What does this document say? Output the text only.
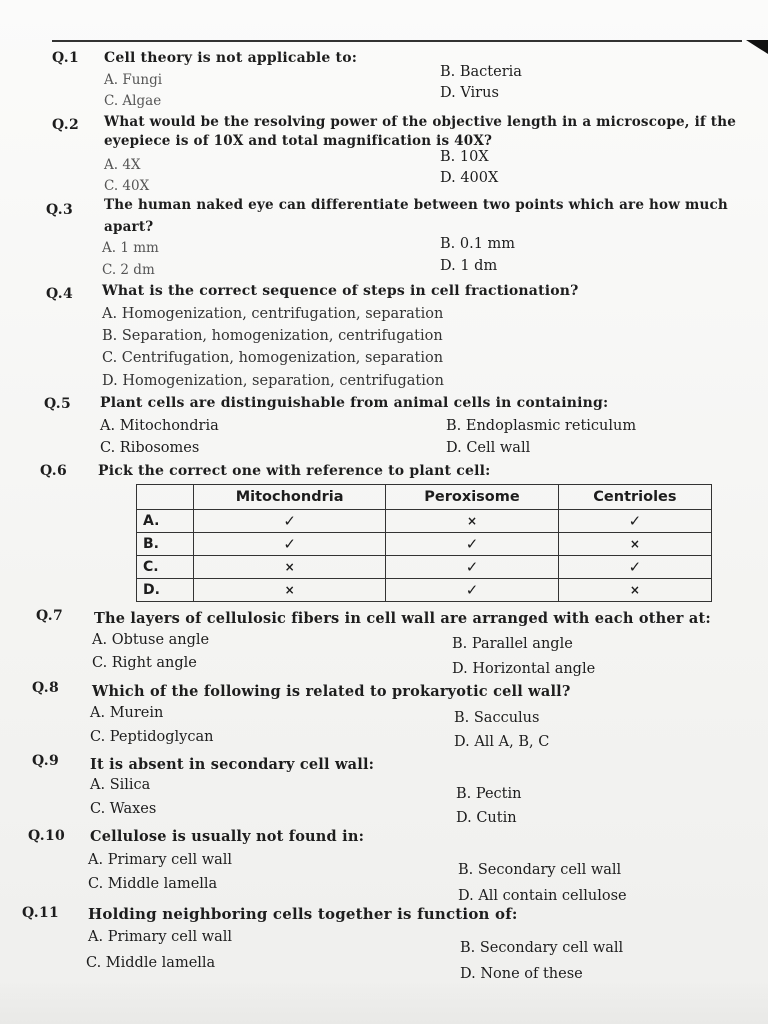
Q.1 Cell theory is not applicable to:
A. Fungi	B. Bacteria
C. Algae	D. Virus
Q.2 What would be the resolving power of the objective length in a microscope, if the
eyepiece is of 10X and total magnification is 40X?
A. 4X	B. 10X
C. 40X	D. 400X
Q.3 The human naked eye can differentiate between two points which are how much
apart?
A. 1 mm	B. 0.1 mm
C. 2 dm	D. 1 dm
Q.4 What is the correct sequence of steps in cell fractionation?
A. Homogenization, centrifugation, separation
B. Separation, homogenization, centrifugation
C. Centrifugation, homogenization, separation
D. Homogenization, separation, centrifugation
Q.5 Plant cells are distinguishable from animal cells in containing:
A. Mitochondria	B. Endoplasmic reticulum
C. Ribosomes	D. Cell wall
Q.6 Pick the correct one with reference to plant cell:
	Mitochondria	Peroxisome	Centrioles
A.	✓	×	✓
B.	✓	✓	×
C.	×	✓	✓
D.	×	✓	×
Q.7 The layers of cellulosic fibers in cell wall are arranged with each other at:
A. Obtuse angle	B. Parallel angle
C. Right angle	D. Horizontal angle
Q.8 Which of the following is related to prokaryotic cell wall?
A. Murein	B. Sacculus
C. Peptidoglycan	D. All A, B, C
Q.9 It is absent in secondary cell wall:
A. Silica
B. Pectin
C. Waxes
D. Cutin
Q.10 Cellulose is usually not found in:
A. Primary cell wall
B. Secondary cell wall
C. Middle lamella
D. All contain cellulose
Q.11 Holding neighboring cells together is function of:
A. Primary cell wall
B. Secondary cell wall
C. Middle lamella
D. None of these
